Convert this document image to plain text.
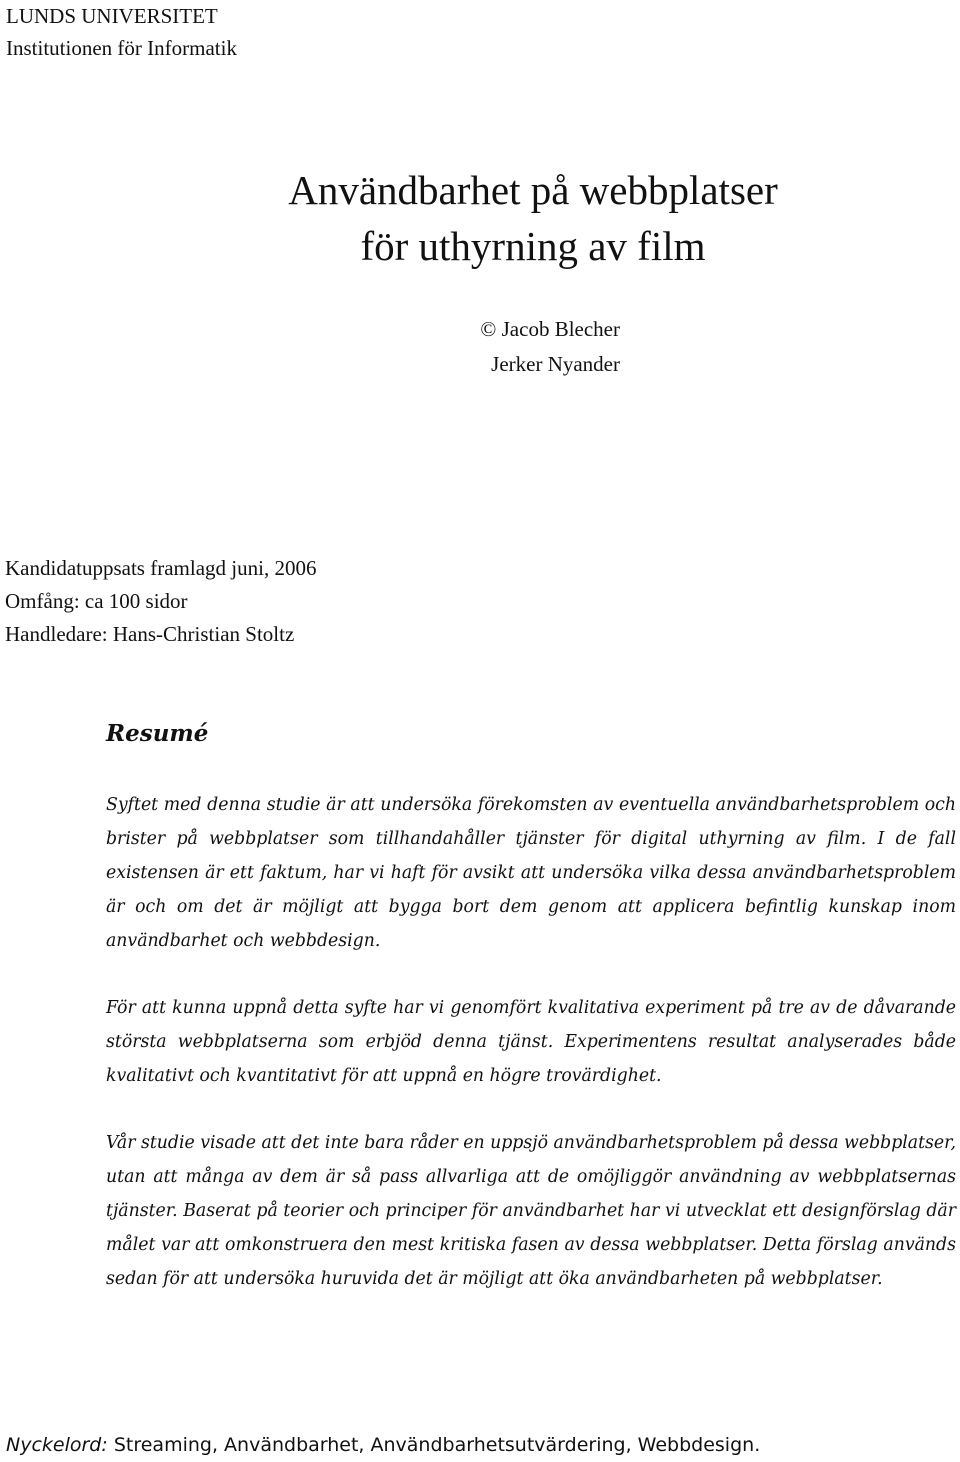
LUNDS UNIVERSITET
Institutionen för Informatik
Användbarhet på webbplatser
för uthyrning av film
© Jacob Blecher
Jerker Nyander
Kandidatuppsats framlagd juni, 2006
Omfång: ca 100 sidor
Handledare: Hans-Christian Stoltz
Resumé

Syftet med denna studie är att undersöka förekomsten av eventuella användbarhetsproblem och brister på webbplatser som tillhandahåller tjänster för digital uthyrning av film. I de fall existensen är ett faktum, har vi haft för avsikt att undersöka vilka dessa användbarhetsproblem är och om det är möjligt att bygga bort dem genom att applicera befintlig kunskap inom användbarhet och webbdesign.

För att kunna uppnå detta syfte har vi genomfört kvalitativa experiment på tre av de dåvarande största webbplatserna som erbjöd denna tjänst. Experimentens resultat analyserades både kvalitativt och kvantitativt för att uppnå en högre trovärdighet.

Vår studie visade att det inte bara råder en uppsjö användbarhetsproblem på dessa webbplatser, utan att många av dem är så pass allvarliga att de omöjliggör användning av webbplatsernas tjänster. Baserat på teorier och principer för användbarhet har vi utvecklat ett designförslag där målet var att omkonstruera den mest kritiska fasen av dessa webbplatser. Detta förslag används sedan för att undersöka huruvida det är möjligt att öka användbarheten på webbplatser.

Nyckelord: Streaming, Användbarhet, Användbarhetsutvärdering, Webbdesign.
